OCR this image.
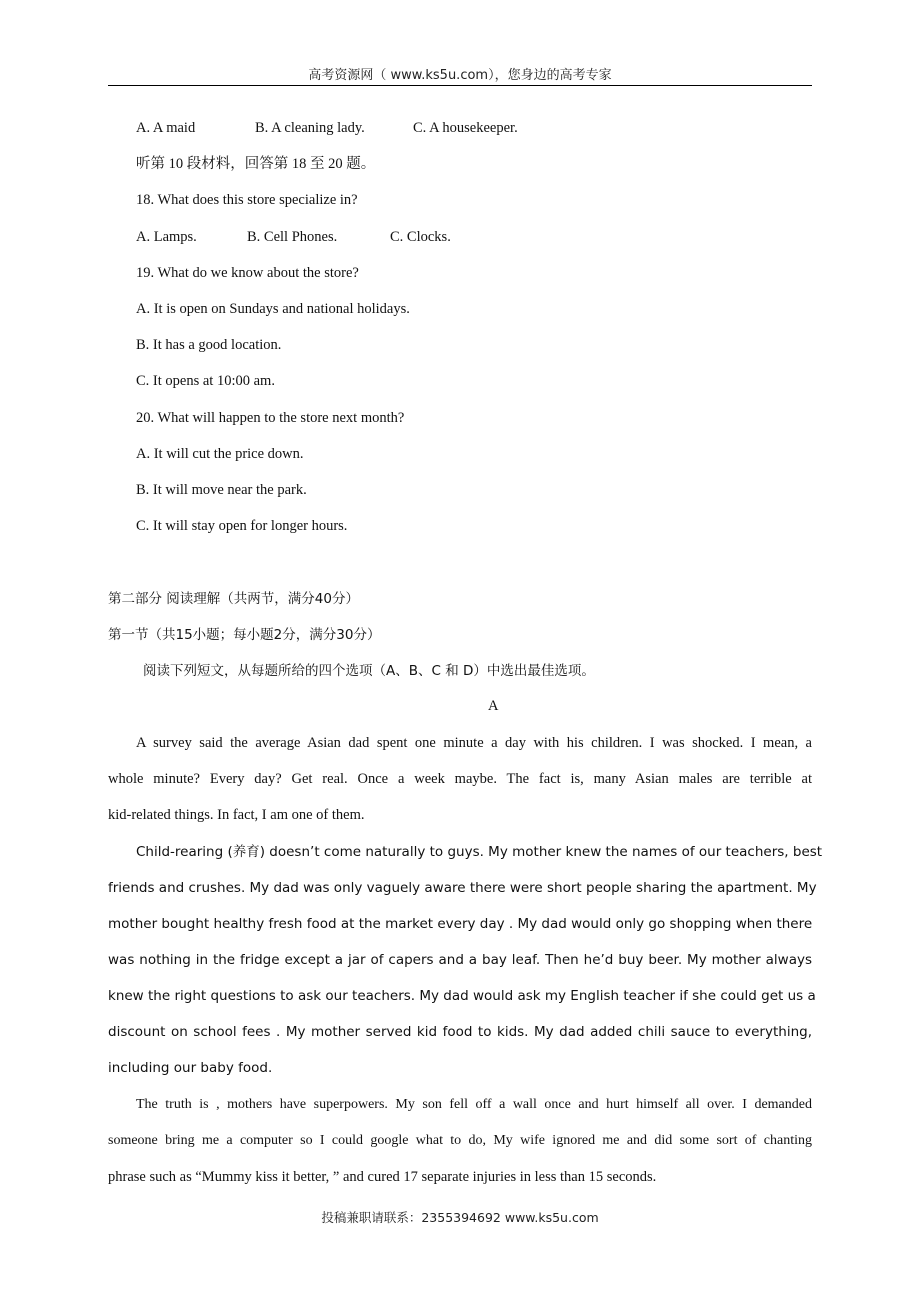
高考资源网（ www.ks5u.com），您身边的高考专家
A. A maid	B. A cleaning lady.	C. A housekeeper.
听第 10 段材料，回答第 18 至 20 题。
18. What does this store specialize in?
A. Lamps.	B. Cell Phones.	C. Clocks.
19. What do we know about the store?
A. It is open on Sundays and national holidays.
B. It has a good location.
C. It opens at 10:00 am.
20. What will happen to the store next month?
A. It will cut the price down.
B. It will move near the park.
C. It will stay open for longer hours.
第二部分 阅读理解（共两节，满分40分）
第一节（共15小题；每小题2分，满分30分）
阅读下列短文，从每题所给的四个选项（A、B、C 和 D）中选出最佳选项。
A
A survey said the average Asian dad spent one minute a day with his children. I was shocked. I mean, a
whole minute? Every day? Get real. Once a week maybe. The fact is, many Asian males are terrible at
kid-related things. In fact, I am one of them.
Child-rearing (养育) doesn’t come naturally to guys. My mother knew the names of our teachers, best
friends and crushes. My dad was only vaguely aware there were short people sharing the apartment. My
mother bought healthy fresh food at the market every day . My dad would only go shopping when there
was nothing in the fridge except a jar of capers and a bay leaf. Then he’d buy beer. My mother always
knew the right questions to ask our teachers. My dad would ask my English teacher if she could get us a
discount on school fees . My mother served kid food to kids. My dad added chili sauce to everything,
including our baby food.
The truth is , mothers have superpowers. My son fell off a wall once and hurt himself all over. I demanded
someone bring me a computer so I could google what to do, My wife ignored me and did some sort of chanting
phrase such as “Mummy kiss it better, ” and cured 17 separate injuries in less than 15 seconds.
投稿兼职请联系：2355394692 www.ks5u.com
